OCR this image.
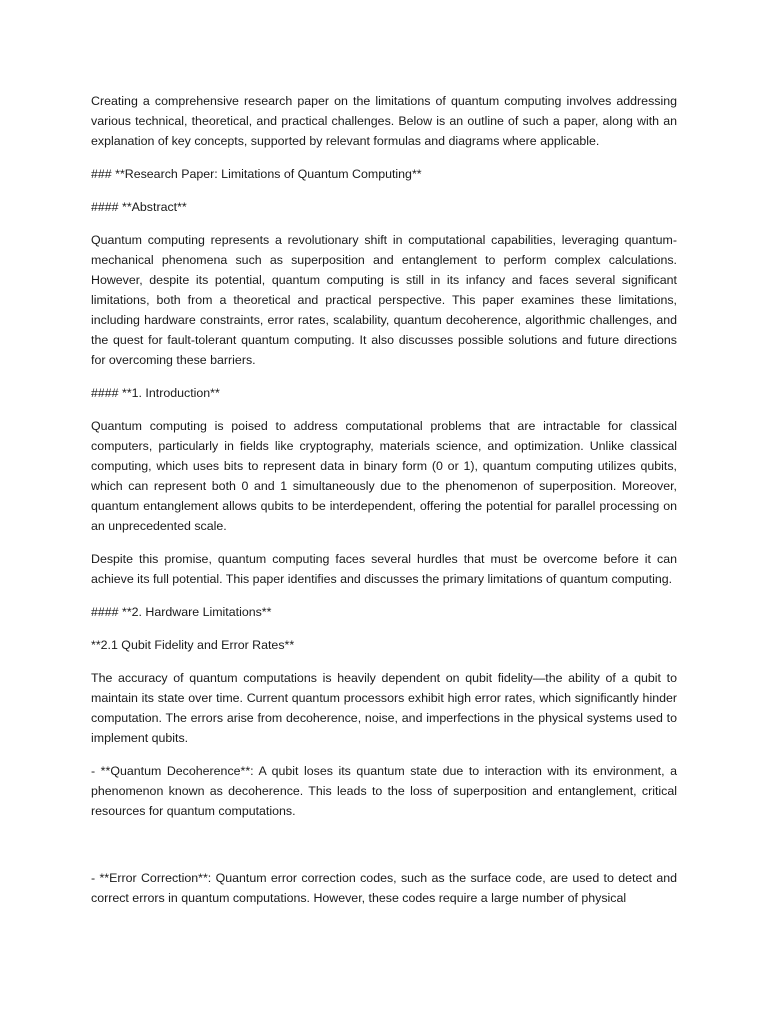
Creating a comprehensive research paper on the limitations of quantum computing involves addressing various technical, theoretical, and practical challenges. Below is an outline of such a paper, along with an explanation of key concepts, supported by relevant formulas and diagrams where applicable.

### **Research Paper: Limitations of Quantum Computing**

#### **Abstract**

Quantum computing represents a revolutionary shift in computational capabilities, leveraging quantum-mechanical phenomena such as superposition and entanglement to perform complex calculations. However, despite its potential, quantum computing is still in its infancy and faces several significant limitations, both from a theoretical and practical perspective. This paper examines these limitations, including hardware constraints, error rates, scalability, quantum decoherence, algorithmic challenges, and the quest for fault-tolerant quantum computing. It also discusses possible solutions and future directions for overcoming these barriers.

#### **1. Introduction**

Quantum computing is poised to address computational problems that are intractable for classical computers, particularly in fields like cryptography, materials science, and optimization. Unlike classical computing, which uses bits to represent data in binary form (0 or 1), quantum computing utilizes qubits, which can represent both 0 and 1 simultaneously due to the phenomenon of superposition. Moreover, quantum entanglement allows qubits to be interdependent, offering the potential for parallel processing on an unprecedented scale.

Despite this promise, quantum computing faces several hurdles that must be overcome before it can achieve its full potential. This paper identifies and discusses the primary limitations of quantum computing.

#### **2. Hardware Limitations**

**2.1 Qubit Fidelity and Error Rates**

The accuracy of quantum computations is heavily dependent on qubit fidelity—the ability of a qubit to maintain its state over time. Current quantum processors exhibit high error rates, which significantly hinder computation. The errors arise from decoherence, noise, and imperfections in the physical systems used to implement qubits.

- **Quantum Decoherence**: A qubit loses its quantum state due to interaction with its environment, a phenomenon known as decoherence. This leads to the loss of superposition and entanglement, critical resources for quantum computations.

- **Error Correction**: Quantum error correction codes, such as the surface code, are used to detect and correct errors in quantum computations. However, these codes require a large number of physical
